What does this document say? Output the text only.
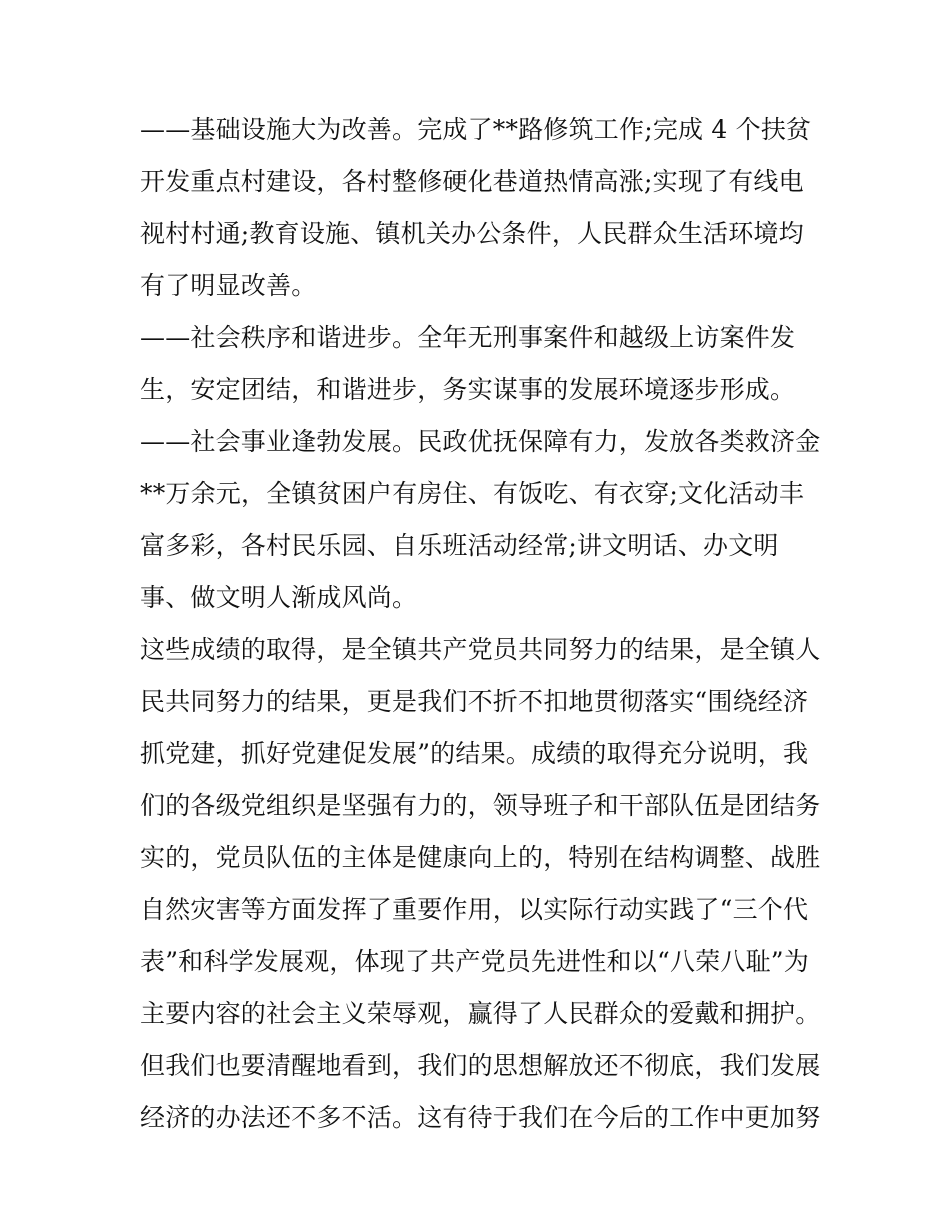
——基础设施大为改善。完成了**路修筑工作;完成 4 个扶贫
开发重点村建设，各村整修硬化巷道热情高涨;实现了有线电
视村村通;教育设施、镇机关办公条件，人民群众生活环境均
有了明显改善。
——社会秩序和谐进步。全年无刑事案件和越级上访案件发
生，安定团结，和谐进步，务实谋事的发展环境逐步形成。
——社会事业逢勃发展。民政优抚保障有力，发放各类救济金
**万余元，全镇贫困户有房住、有饭吃、有衣穿;文化活动丰
富多彩，各村民乐园、自乐班活动经常;讲文明话、办文明
事、做文明人渐成风尚。
这些成绩的取得，是全镇共产党员共同努力的结果，是全镇人
民共同努力的结果，更是我们不折不扣地贯彻落实“围绕经济
抓党建，抓好党建促发展”的结果。成绩的取得充分说明，我
们的各级党组织是坚强有力的，领导班子和干部队伍是团结务
实的，党员队伍的主体是健康向上的，特别在结构调整、战胜
自然灾害等方面发挥了重要作用，以实际行动实践了“三个代
表”和科学发展观，体现了共产党员先进性和以“八荣八耻”为
主要内容的社会主义荣辱观，赢得了人民群众的爱戴和拥护。
但我们也要清醒地看到，我们的思想解放还不彻底，我们发展
经济的办法还不多不活。这有待于我们在今后的工作中更加努
